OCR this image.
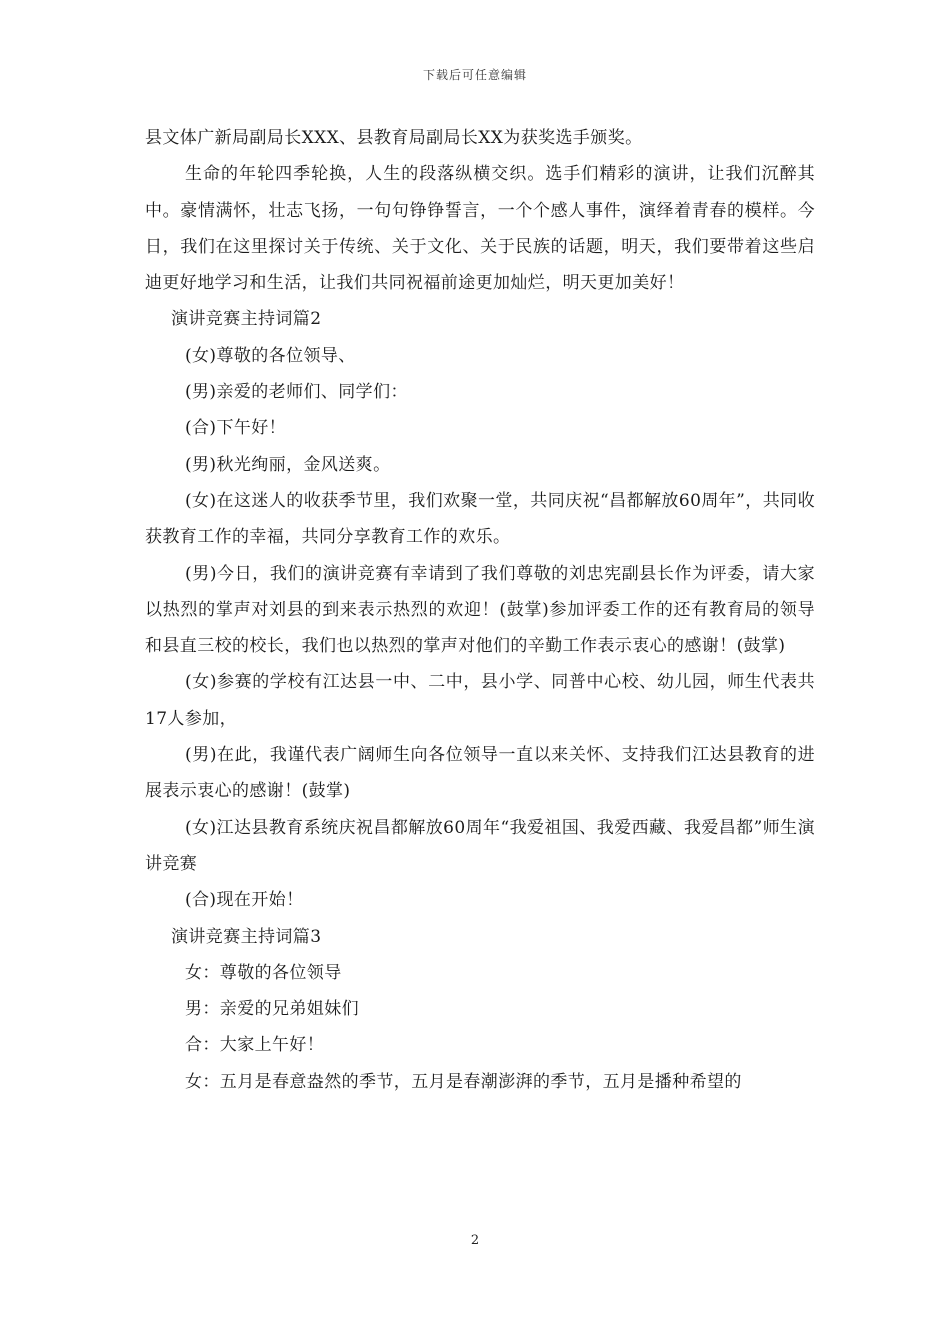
下载后可任意编辑

县文体广新局副局长XXX、县教育局副局长XX为获奖选手颁奖。

生命的年轮四季轮换，人生的段落纵横交织。选手们精彩的演讲，让我们沉醉其中。豪情满怀，壮志飞扬，一句句铮铮誓言，一个个感人事件，演绎着青春的模样。今日，我们在这里探讨关于传统、关于文化、关于民族的话题，明天，我们要带着这些启迪更好地学习和生活，让我们共同祝福前途更加灿烂，明天更加美好！

演讲竞赛主持词篇2

(女)尊敬的各位领导、

(男)亲爱的老师们、同学们：

(合)下午好！

(男)秋光绚丽，金风送爽。

(女)在这迷人的收获季节里，我们欢聚一堂，共同庆祝“昌都解放60周年”，共同收获教育工作的幸福，共同分享教育工作的欢乐。

(男)今日，我们的演讲竞赛有幸请到了我们尊敬的刘忠宪副县长作为评委，请大家以热烈的掌声对刘县的到来表示热烈的欢迎！(鼓掌)参加评委工作的还有教育局的领导和县直三校的校长，我们也以热烈的掌声对他们的辛勤工作表示衷心的感谢！(鼓掌)

(女)参赛的学校有江达县一中、二中，县小学、同普中心校、幼儿园，师生代表共17人参加，

(男)在此，我谨代表广阔师生向各位领导一直以来关怀、支持我们江达县教育的进展表示衷心的感谢！(鼓掌)

(女)江达县教育系统庆祝昌都解放60周年“我爱祖国、我爱西藏、我爱昌都”师生演讲竞赛

(合)现在开始！

演讲竞赛主持词篇3

女：尊敬的各位领导

男：亲爱的兄弟姐妹们

合：大家上午好！

女：五月是春意盎然的季节，五月是春潮澎湃的季节，五月是播种希望的

2
